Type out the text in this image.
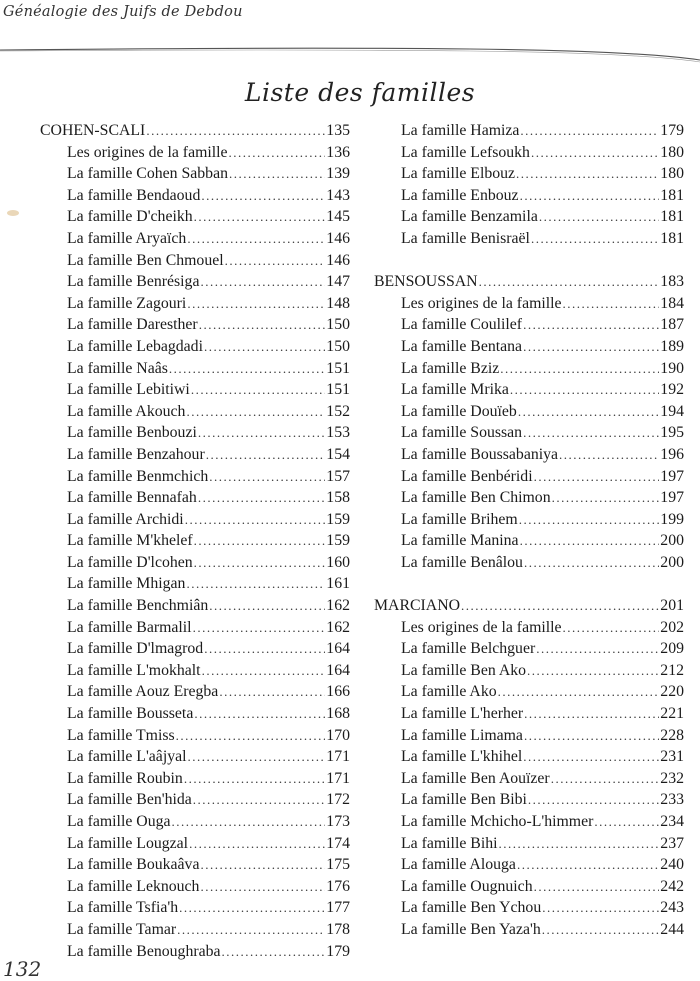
Généalogie des Juifs de Debdou
Liste des familles
COHEN-SCALI .....	135
Les origines de la famille .....	136
La famille Cohen Sabban .....	139
La famille Bendaoud .....	143
La famille D'cheikh .....	145
La famille Aryaïch .....	146
La famille Ben Chmouel .....	146
La famille Benrésiga .....	147
La famille Zagouri .....	148
La famille Daresther .....	150
La famille Lebagdadi .....	150
La famille Naâs .....	151
La famille Lebitiwi .....	151
La famille Akouch .....	152
La famille Benbouzi .....	153
La famille Benzahour .....	154
La famille Benmchich .....	157
La famille Bennafah .....	158
La famille Archidi .....	159
La famille M'khelef .....	159
La famille D'lcohen .....	160
La famille Mhigan .....	161
La famille Benchmiân .....	162
La famille Barmalil .....	162
La famille D'lmagrod .....	164
La famille L'mokhalt .....	164
La famille Aouz Eregba .....	166
La famille Bousseta .....	168
La famille Tmiss .....	170
La famille L'aâjyal .....	171
La famille Roubin .....	171
La famille Ben'hida .....	172
La famille Ouga .....	173
La famille Lougzal .....	174
La famille Boukaâva .....	175
La famille Leknouch .....	176
La famille Tsfia'h .....	177
La famille Tamar .....	178
La famille Benoughraba .....	179
La famille Hamiza .....	179
La famille Lefsoukh .....	180
La famille Elbouz .....	180
La famille Enbouz .....	181
La famille Benzamila .....	181
La famille Benisraël .....	181
BENSOUSSAN .....	183
Les origines de la famille .....	184
La famille Coulilef .....	187
La famille Bentana .....	189
La famille Bziz .....	190
La famille Mrika .....	192
La famille Douïeb .....	194
La famille Soussan .....	195
La famille Boussabaniya .....	196
La famille Benbéridi .....	197
La famille Ben Chimon .....	197
La famille Brihem .....	199
La famille Manina .....	200
La famille Benâlou .....	200
MARCIANO .....	201
Les origines de la famille .....	202
La famille Belchguer .....	209
La famille Ben Ako .....	212
La famille Ako .....	220
La famille L'herher .....	221
La famille Limama .....	228
La famille L'khihel .....	231
La famille Ben Aouïzer .....	232
La famille Ben Bibi .....	233
La famille Mchicho-L'himmer .....	234
La famille Bihi .....	237
La famille Alouga .....	240
La famille Ougnuich .....	242
La famille Ben Ychou .....	243
La famille Ben Yaza'h .....	244
132
